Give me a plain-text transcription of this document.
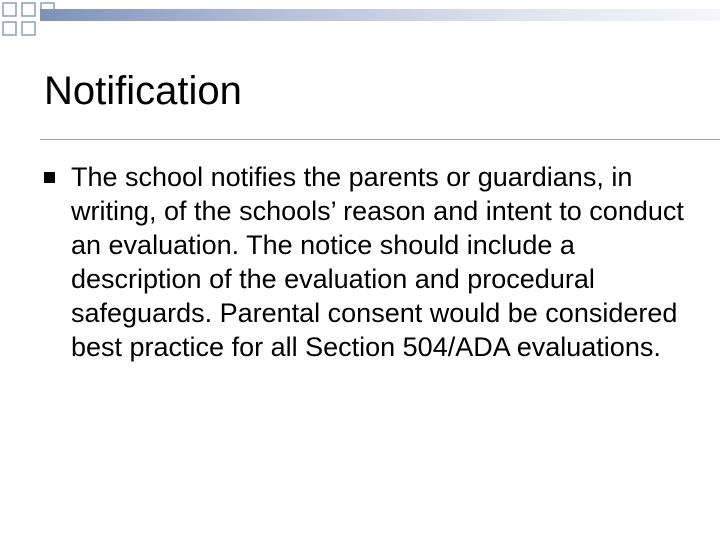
Notification
The school notifies the parents or guardians, in writing, of the schools’ reason and intent to conduct an evaluation. The notice should include a description of the evaluation and procedural safeguards. Parental consent would be considered best practice for all Section 504/ADA evaluations.
